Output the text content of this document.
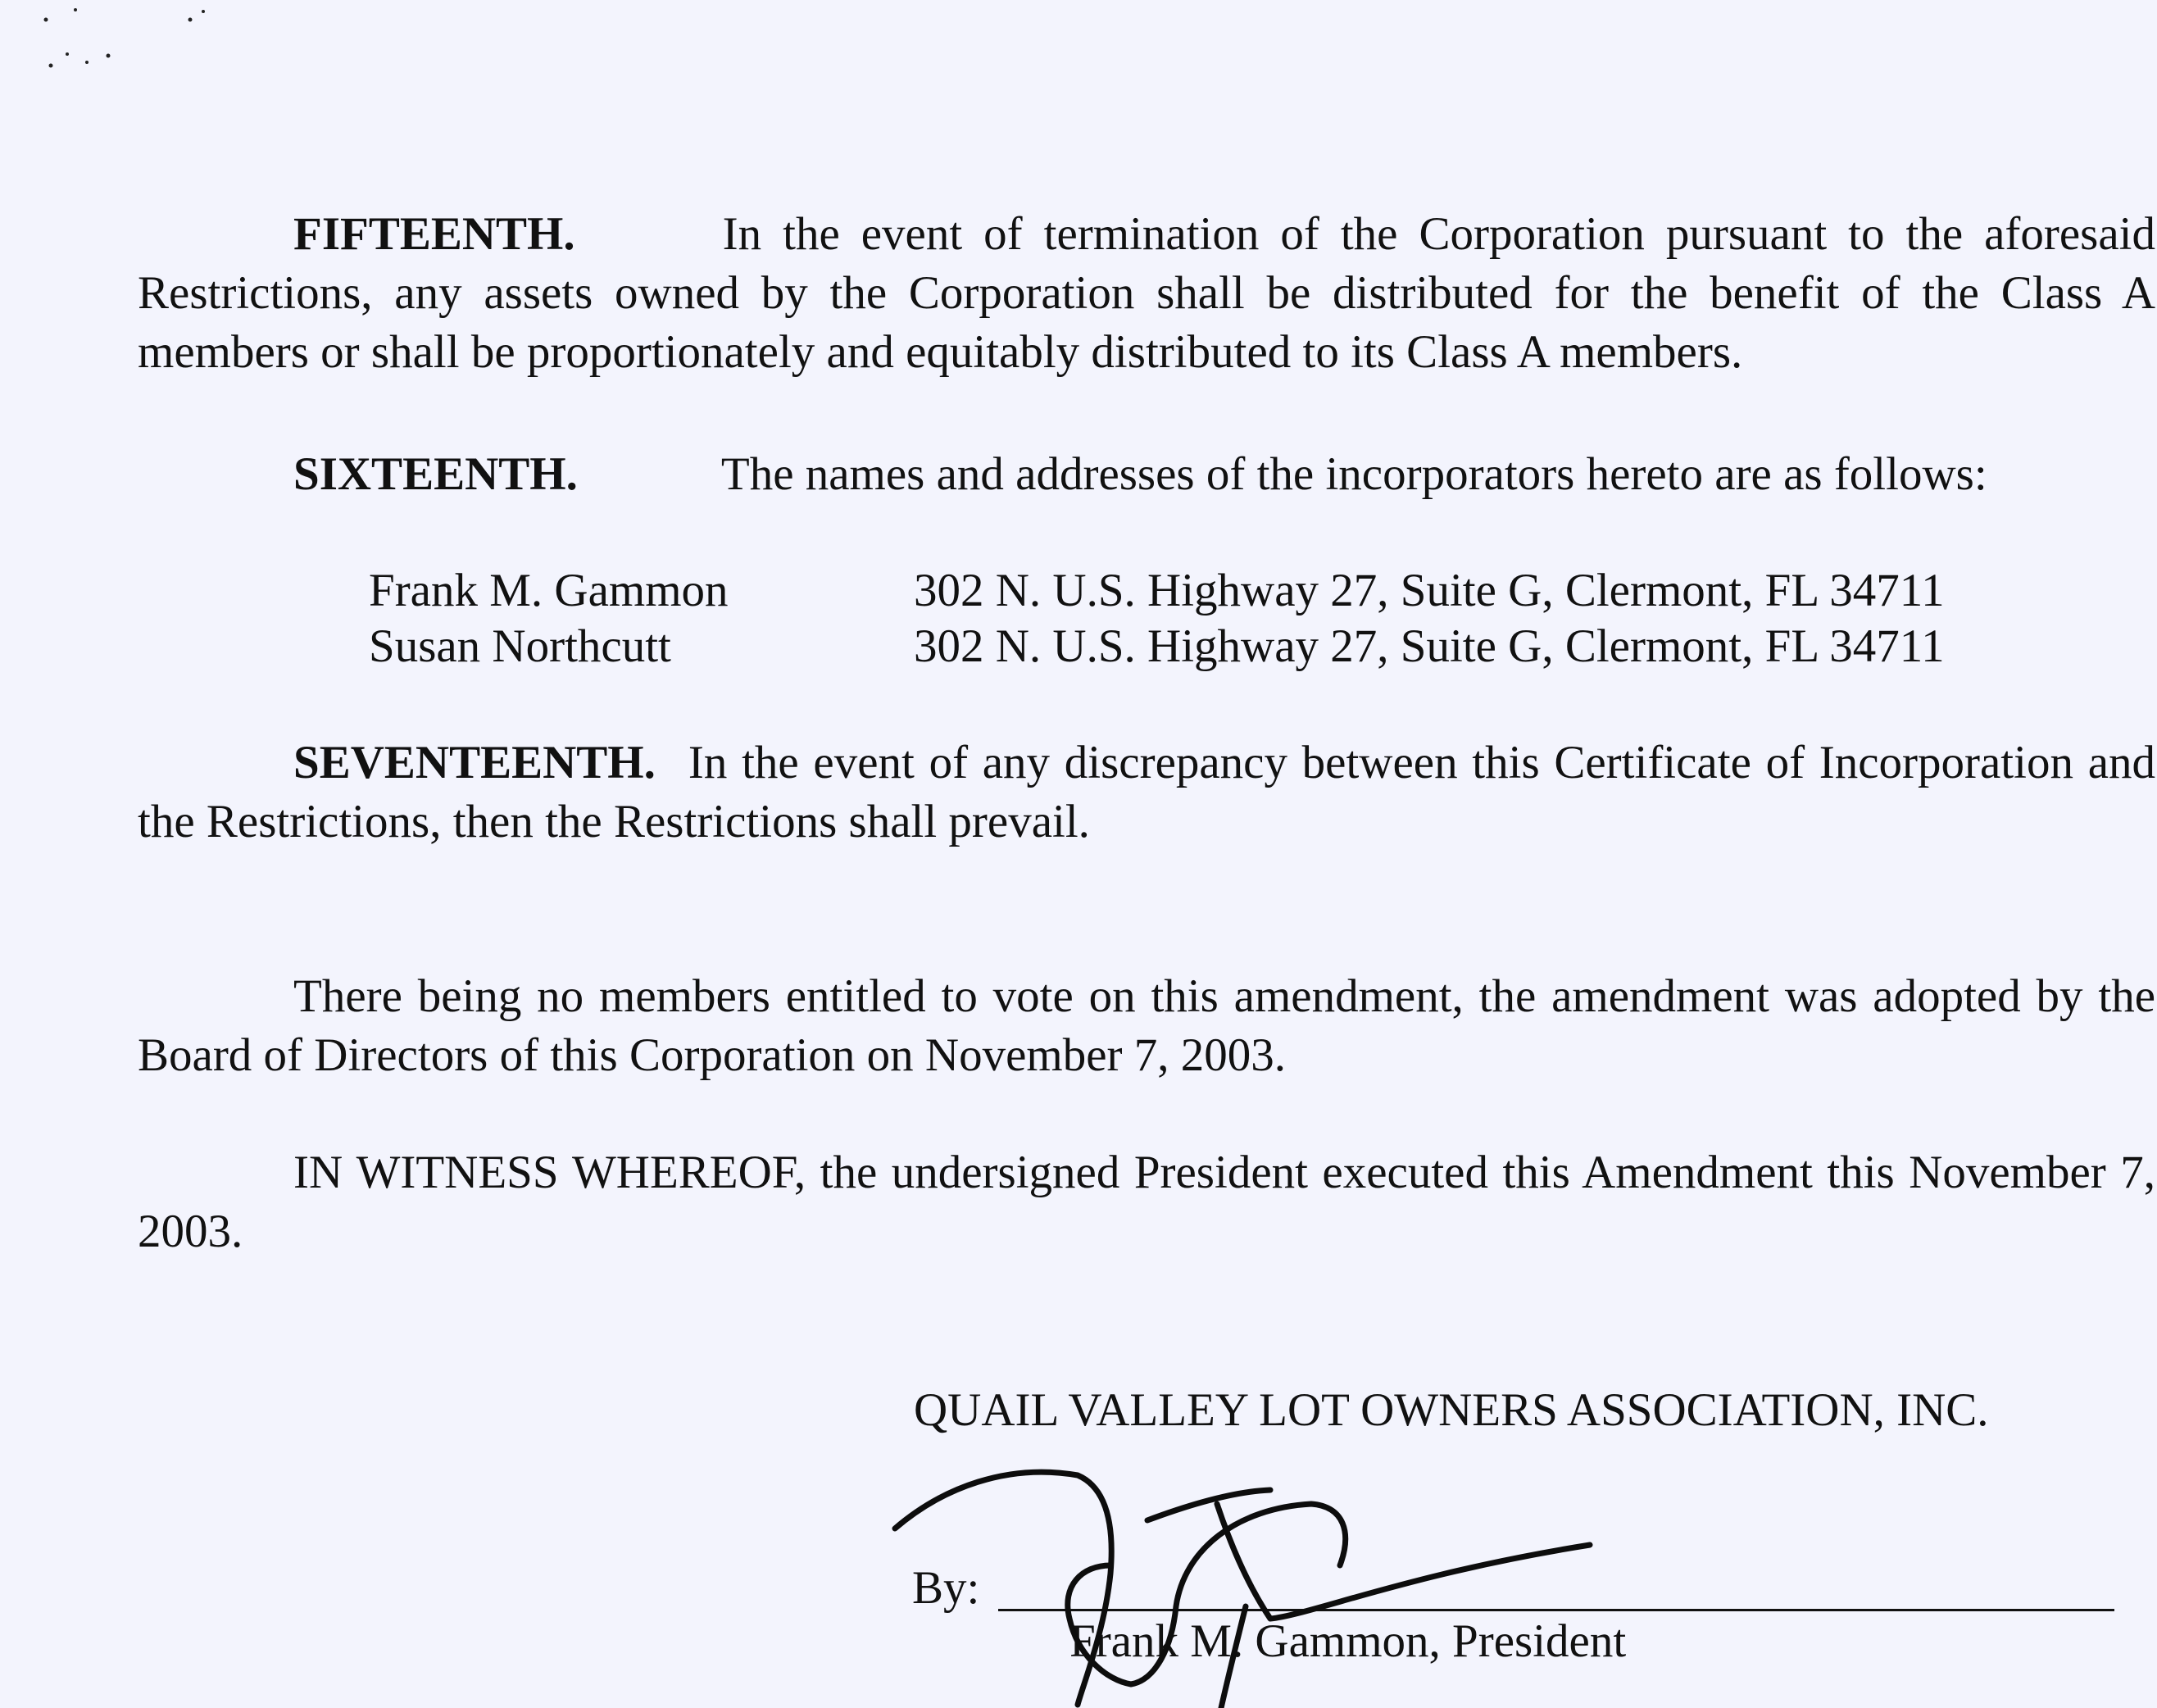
FIFTEENTH.	In the event of termination of the Corporation pursuant to the aforesaid Restrictions, any assets owned by the Corporation shall be distributed for the benefit of the Class A members or shall be proportionately and equitably distributed to its Class A members.

SIXTEENTH.	The names and addresses of the incorporators hereto are as follows:

Frank M. Gammon	302 N. U.S. Highway 27, Suite G, Clermont, FL 34711
Susan Northcutt	302 N. U.S. Highway 27, Suite G, Clermont, FL 34711

SEVENTEENTH. In the event of any discrepancy between this Certificate of Incorporation and the Restrictions, then the Restrictions shall prevail.

There being no members entitled to vote on this amendment, the amendment was adopted by the Board of Directors of this Corporation on November 7, 2003.

IN WITNESS WHEREOF, the undersigned President executed this Amendment this November 7, 2003.

QUAIL VALLEY LOT OWNERS ASSOCIATION, INC.
By:
Frank M. Gammon, President
